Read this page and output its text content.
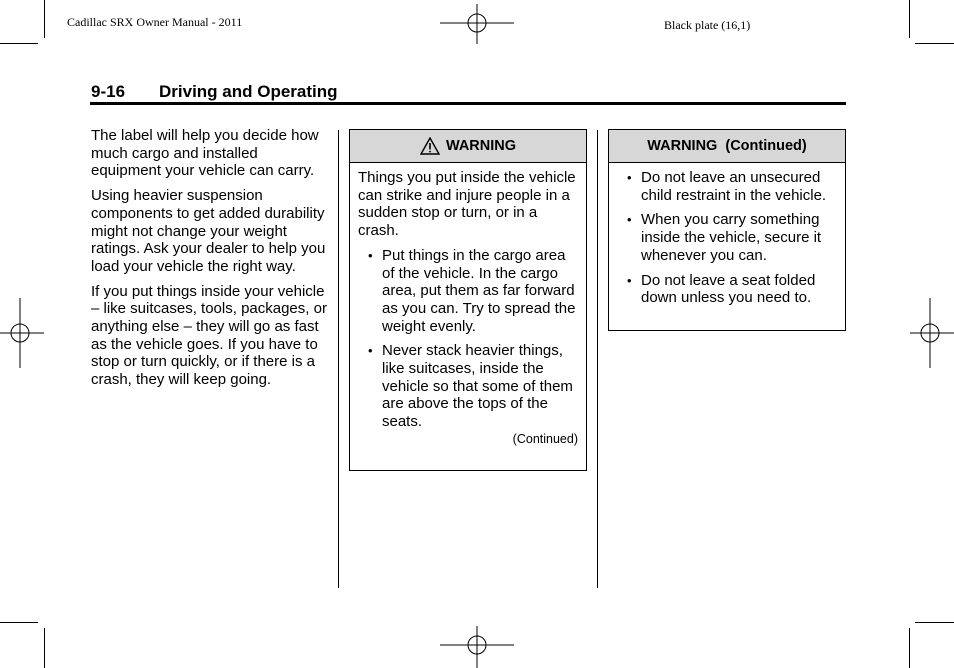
Cadillac SRX Owner Manual - 2011	Black plate (16,1)
9-16 Driving and Operating

The label will help you decide how much cargo and installed equipment your vehicle can carry.

Using heavier suspension components to get added durability might not change your weight ratings. Ask your dealer to help you load your vehicle the right way.

If you put things inside your vehicle – like suitcases, tools, packages, or anything else – they will go as fast as the vehicle goes. If you have to stop or turn quickly, or if there is a crash, they will keep going.

WARNING

Things you put inside the vehicle can strike and injure people in a sudden stop or turn, or in a crash.

• Put things in the cargo area of the vehicle. In the cargo area, put them as far forward as you can. Try to spread the weight evenly.
• Never stack heavier things, like suitcases, inside the vehicle so that some of them are above the tops of the seats.
(Continued)
WARNING  (Continued)
• Do not leave an unsecured child restraint in the vehicle.
• When you carry something inside the vehicle, secure it whenever you can.
• Do not leave a seat folded down unless you need to.
